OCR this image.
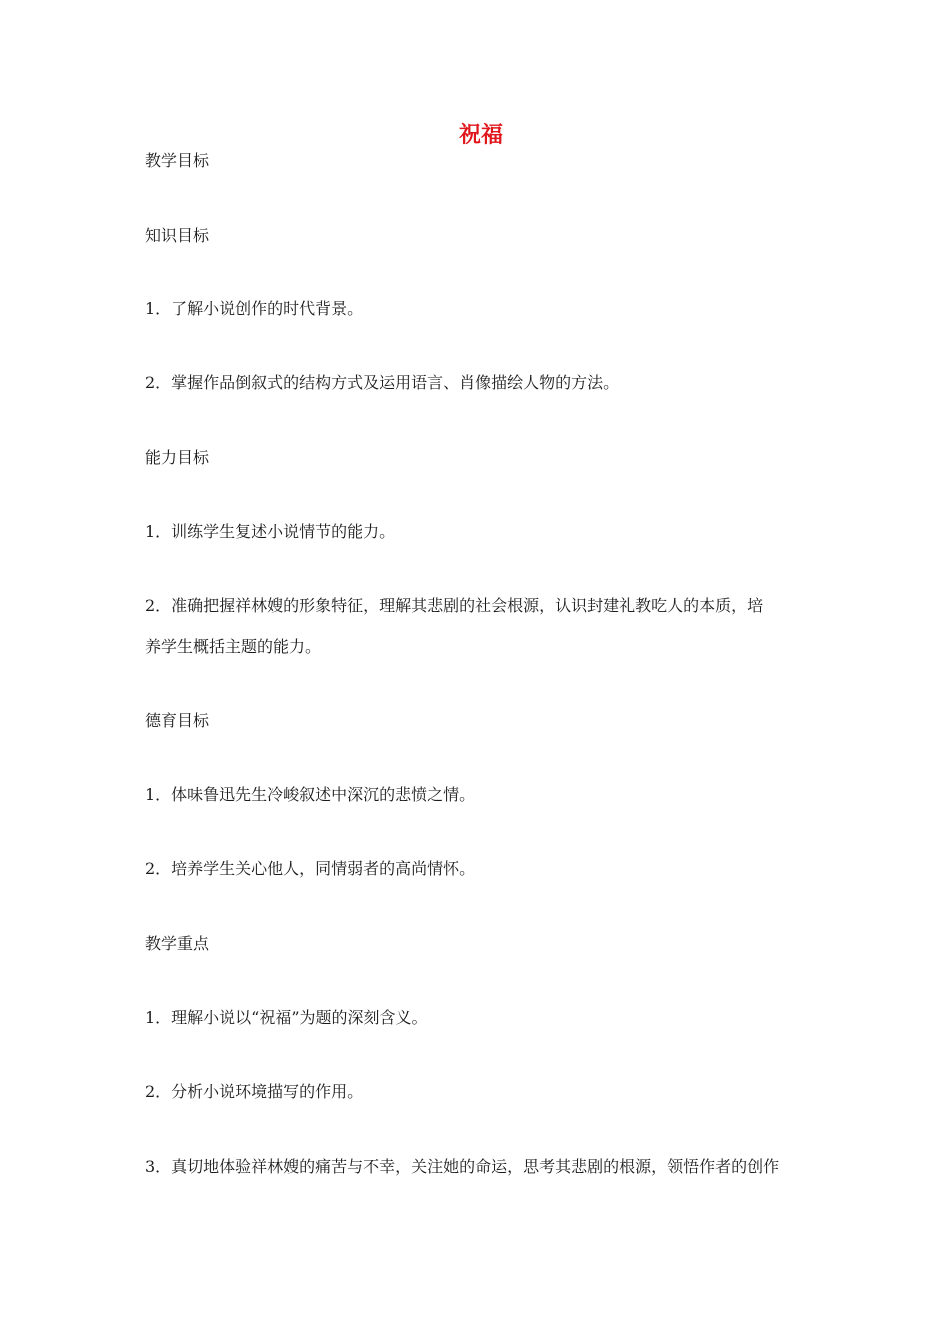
祝福
教学目标
知识目标
1．了解小说创作的时代背景。
2．掌握作品倒叙式的结构方式及运用语言、肖像描绘人物的方法。
能力目标
1．训练学生复述小说情节的能力。
2．准确把握祥林嫂的形象特征，理解其悲剧的社会根源，认识封建礼教吃人的本质，培
养学生概括主题的能力。
德育目标
1．体味鲁迅先生冷峻叙述中深沉的悲愤之情。
2．培养学生关心他人，同情弱者的高尚情怀。
教学重点
1．理解小说以“祝福”为题的深刻含义。
2．分析小说环境描写的作用。
3．真切地体验祥林嫂的痛苦与不幸，关注她的命运，思考其悲剧的根源，领悟作者的创作
